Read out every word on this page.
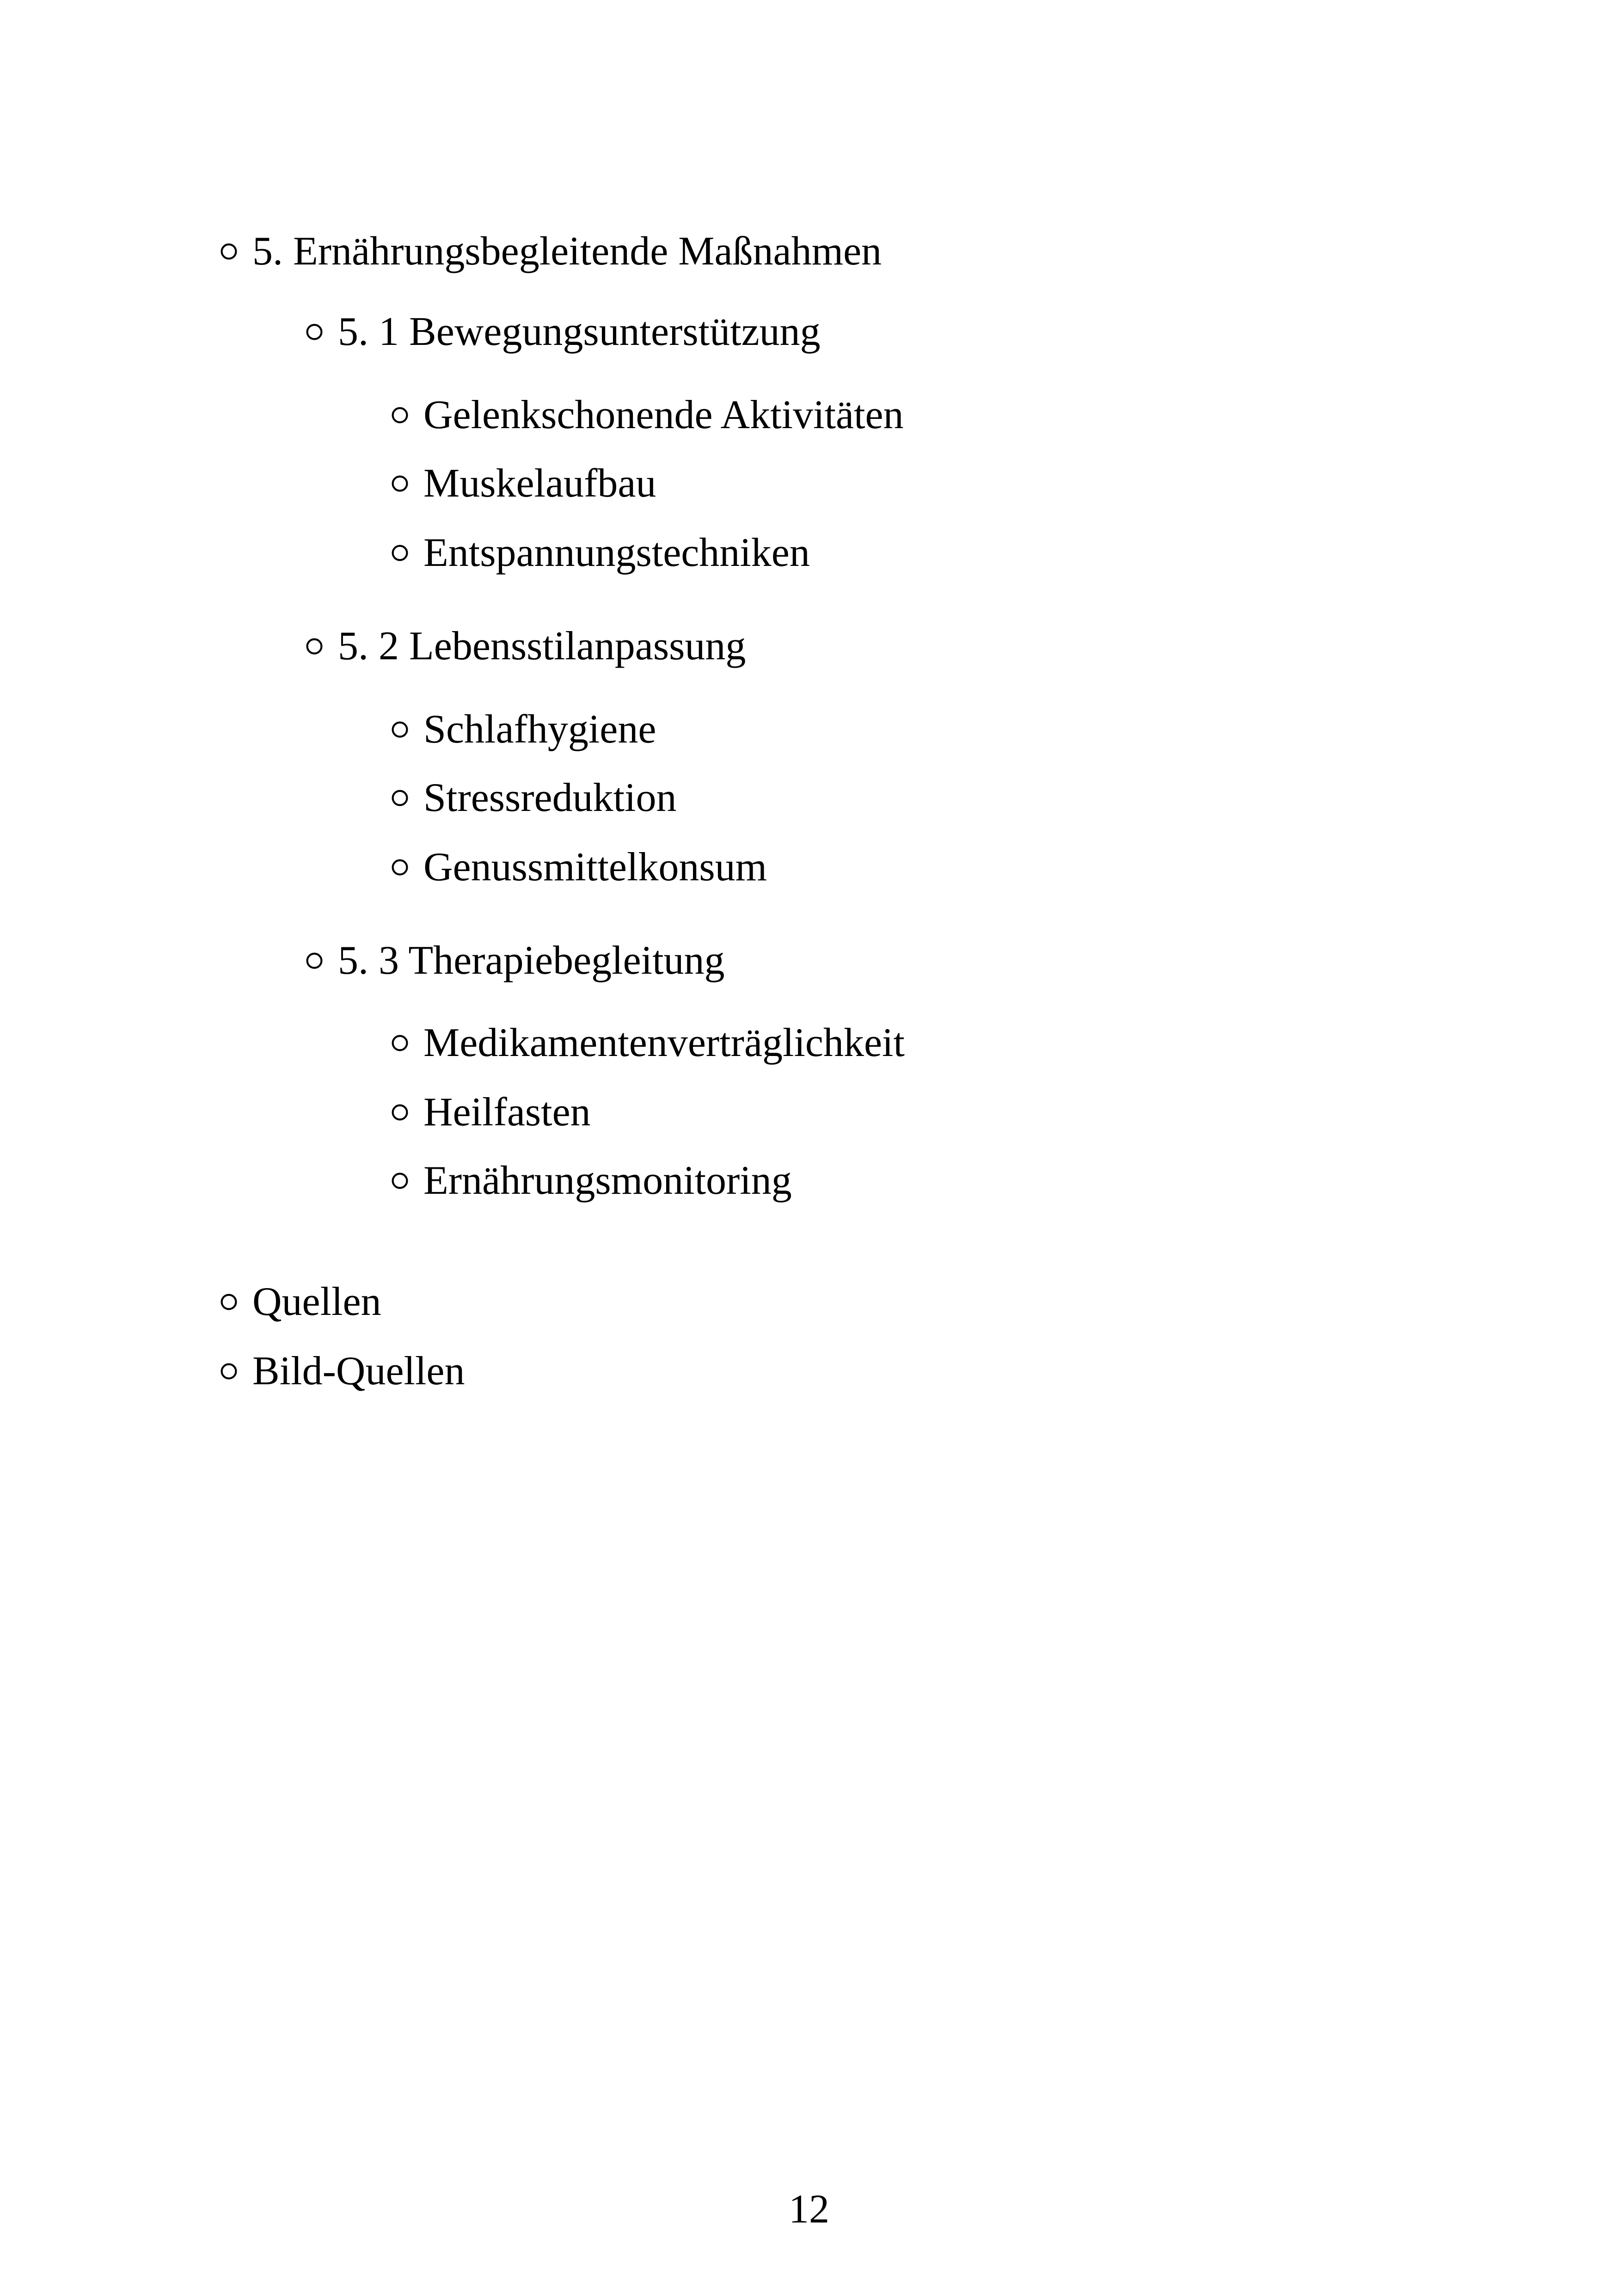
5. Ernährungsbegleitende Maßnahmen
5. 1 Bewegungsunterstützung
Gelenkschonende Aktivitäten
Muskelaufbau
Entspannungstechniken
5. 2 Lebensstilanpassung
Schlafhygiene
Stressreduktion
Genussmittelkonsum
5. 3 Therapiebegleitung
Medikamentenverträglichkeit
Heilfasten
Ernährungsmonitoring
Quellen
Bild-Quellen
12
